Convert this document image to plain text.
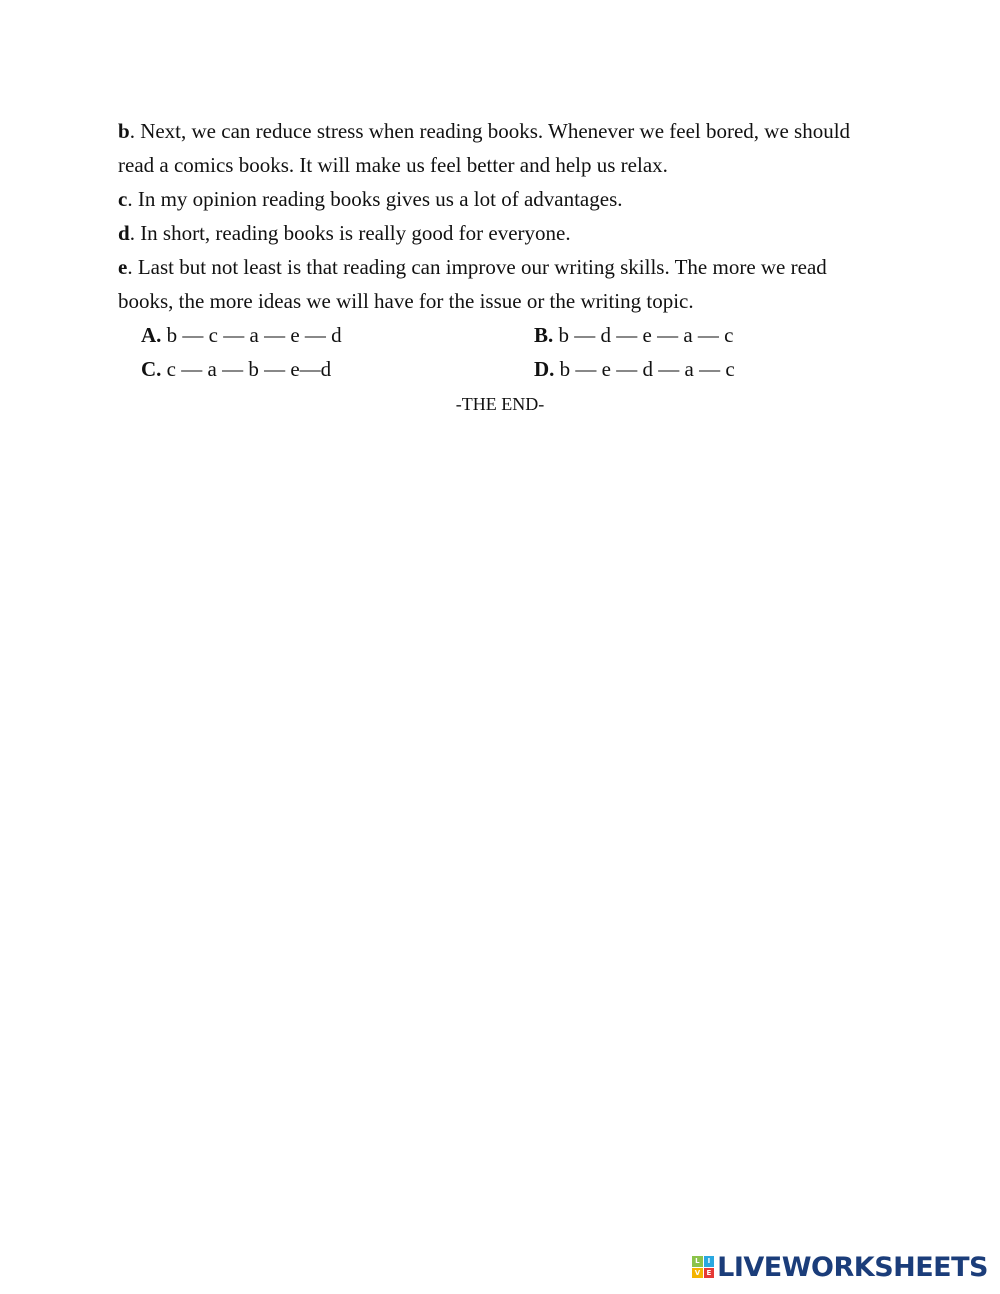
b. Next, we can reduce stress when reading books. Whenever we feel bored, we should read a comics books. It will make us feel better and help us relax.

c. In my opinion reading books gives us a lot of advantages.

d. In short, reading books is really good for everyone.

e. Last but not least is that reading can improve our writing skills. The more we read books, the more ideas we will have for the issue or the writing topic.

A. b — c — a — e — d	B. b — d — e — a — c
C. c — a — b — e—d	D. b — e — d — a — c
-THE END-
L	I
V E LIVEWORKSHEETS
